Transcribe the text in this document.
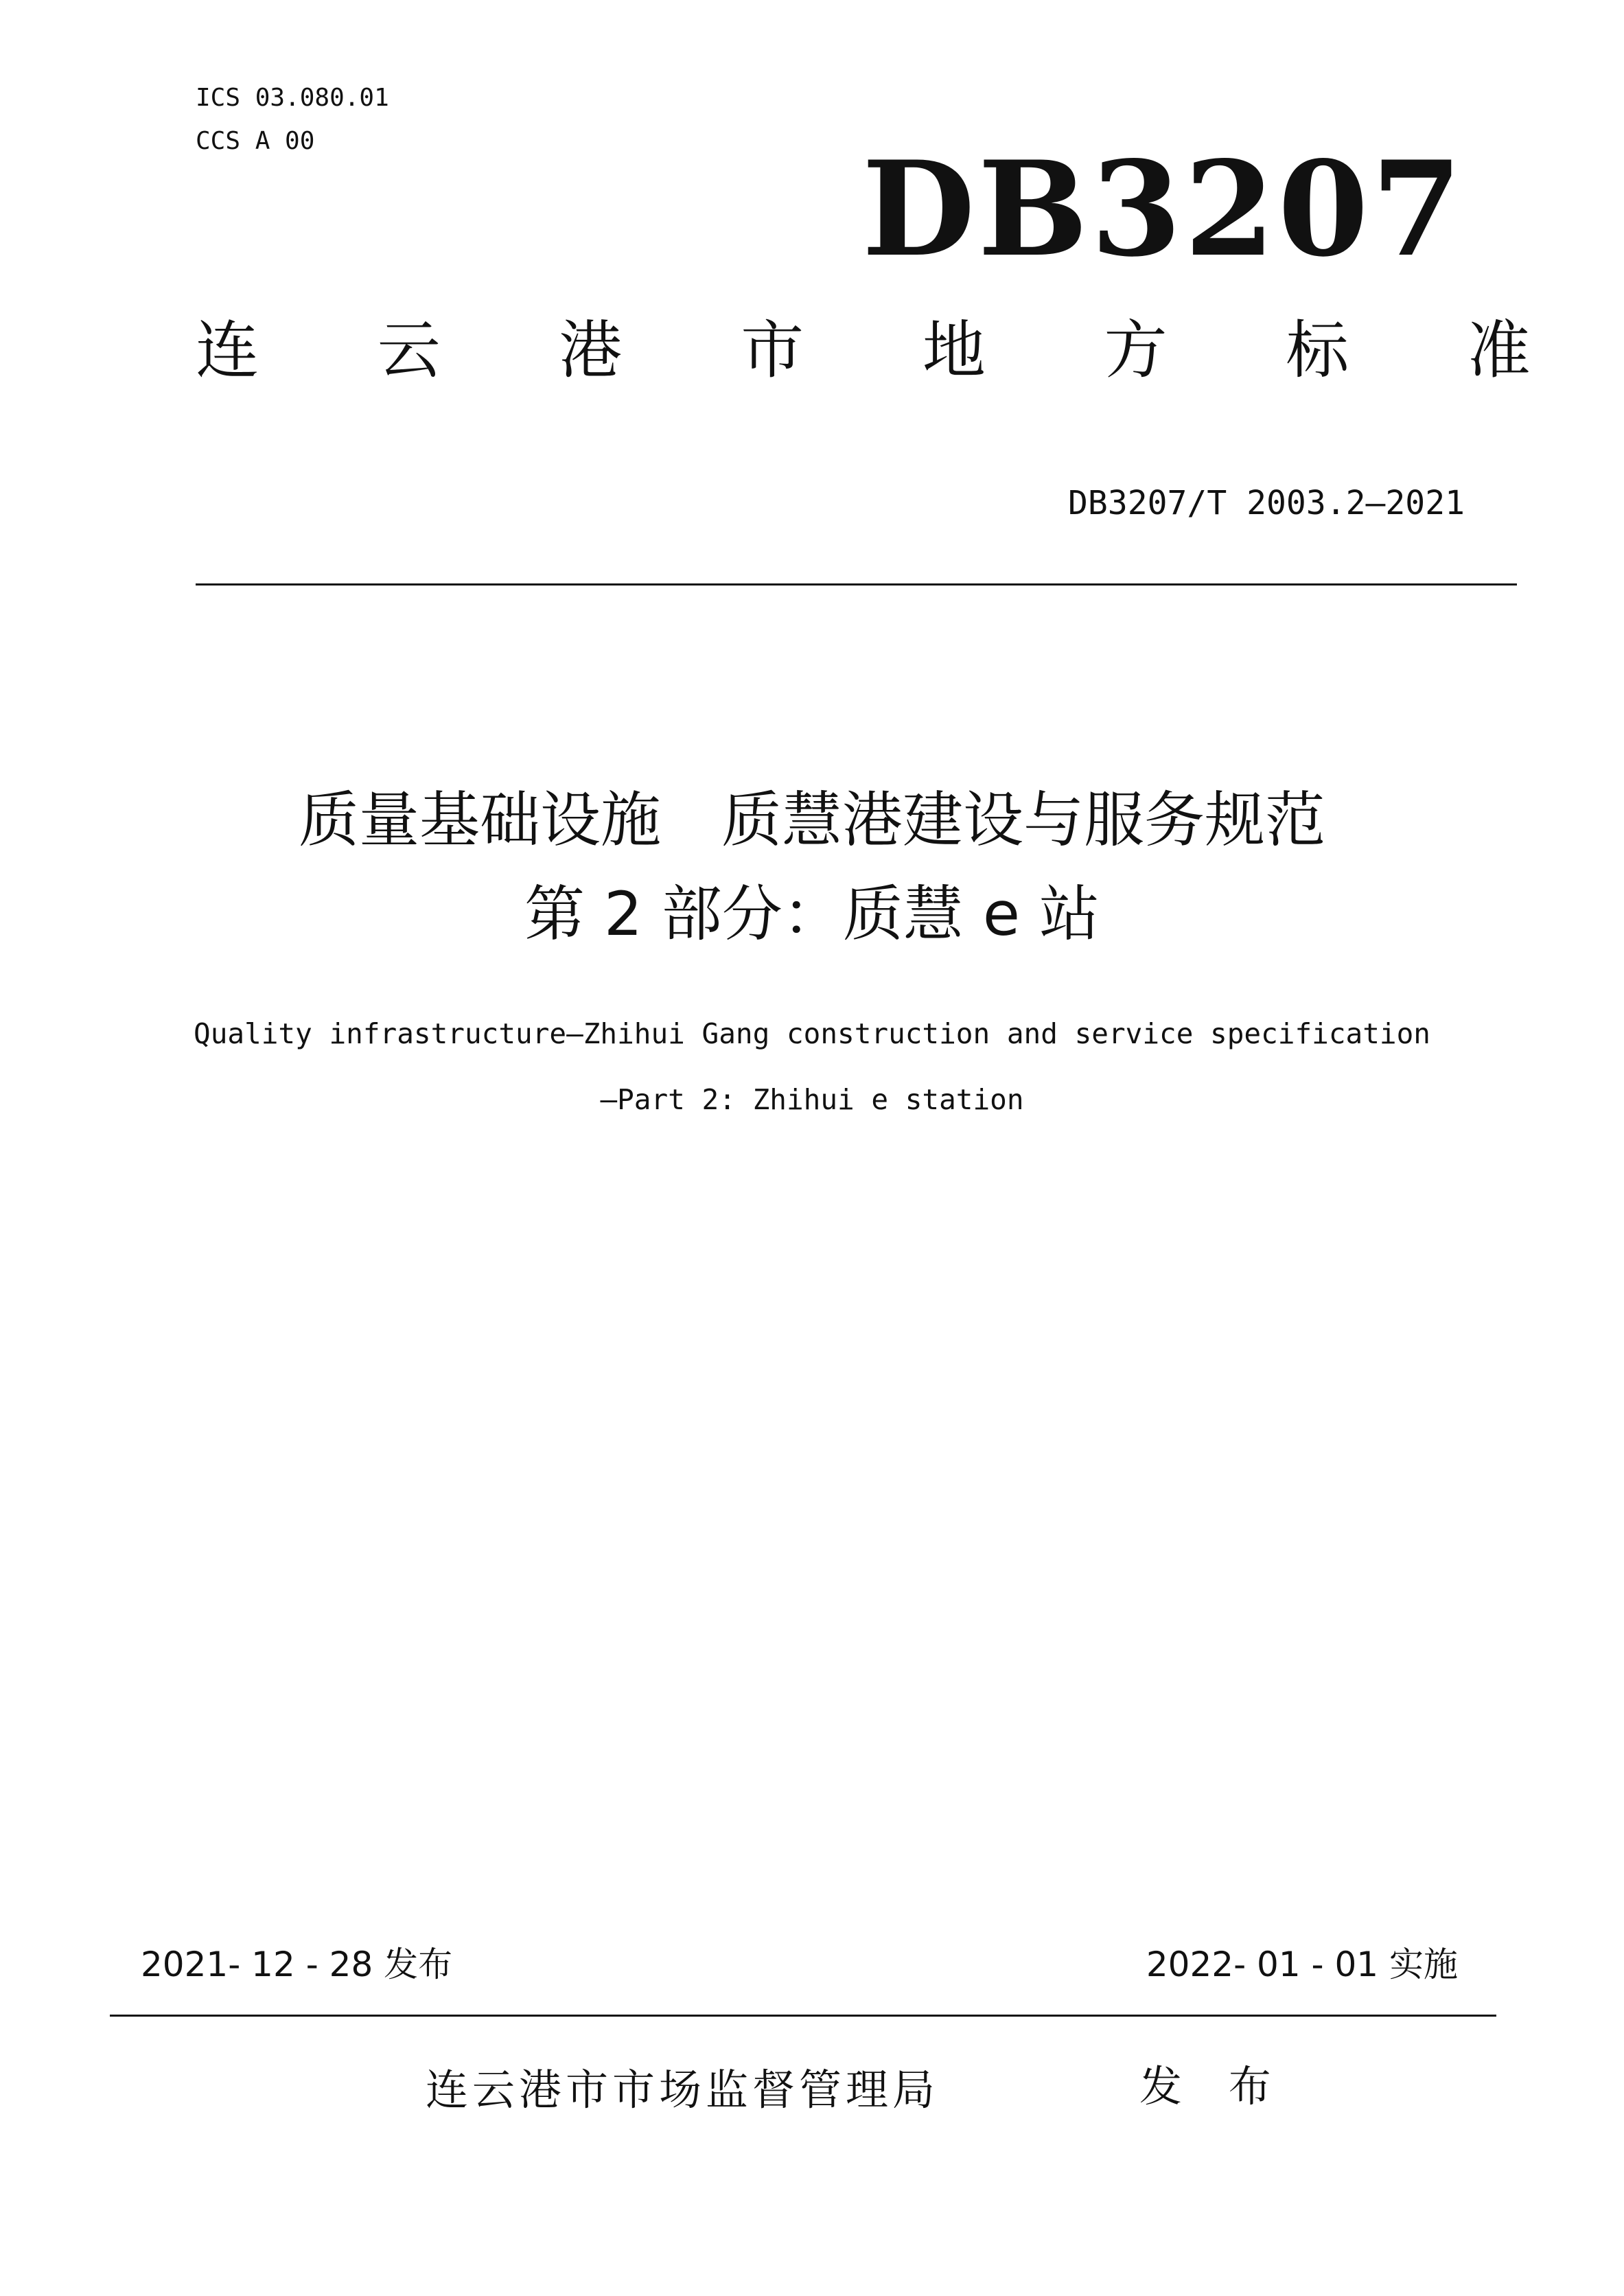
ICS 03.080.01
CCS A 00	DB3207
连 云 港 市 地 方 标 准
DB3207/T 2003.2—2021
质量基础设施　质慧港建设与服务规范
第 2 部分：质慧 e 站
Quality infrastructure—Zhihui Gang construction and service specification
—Part 2: Zhihui e station
2021- 12 - 28 发布	2022- 01 - 01 实施
连云港市市场监督管理局	发 布
